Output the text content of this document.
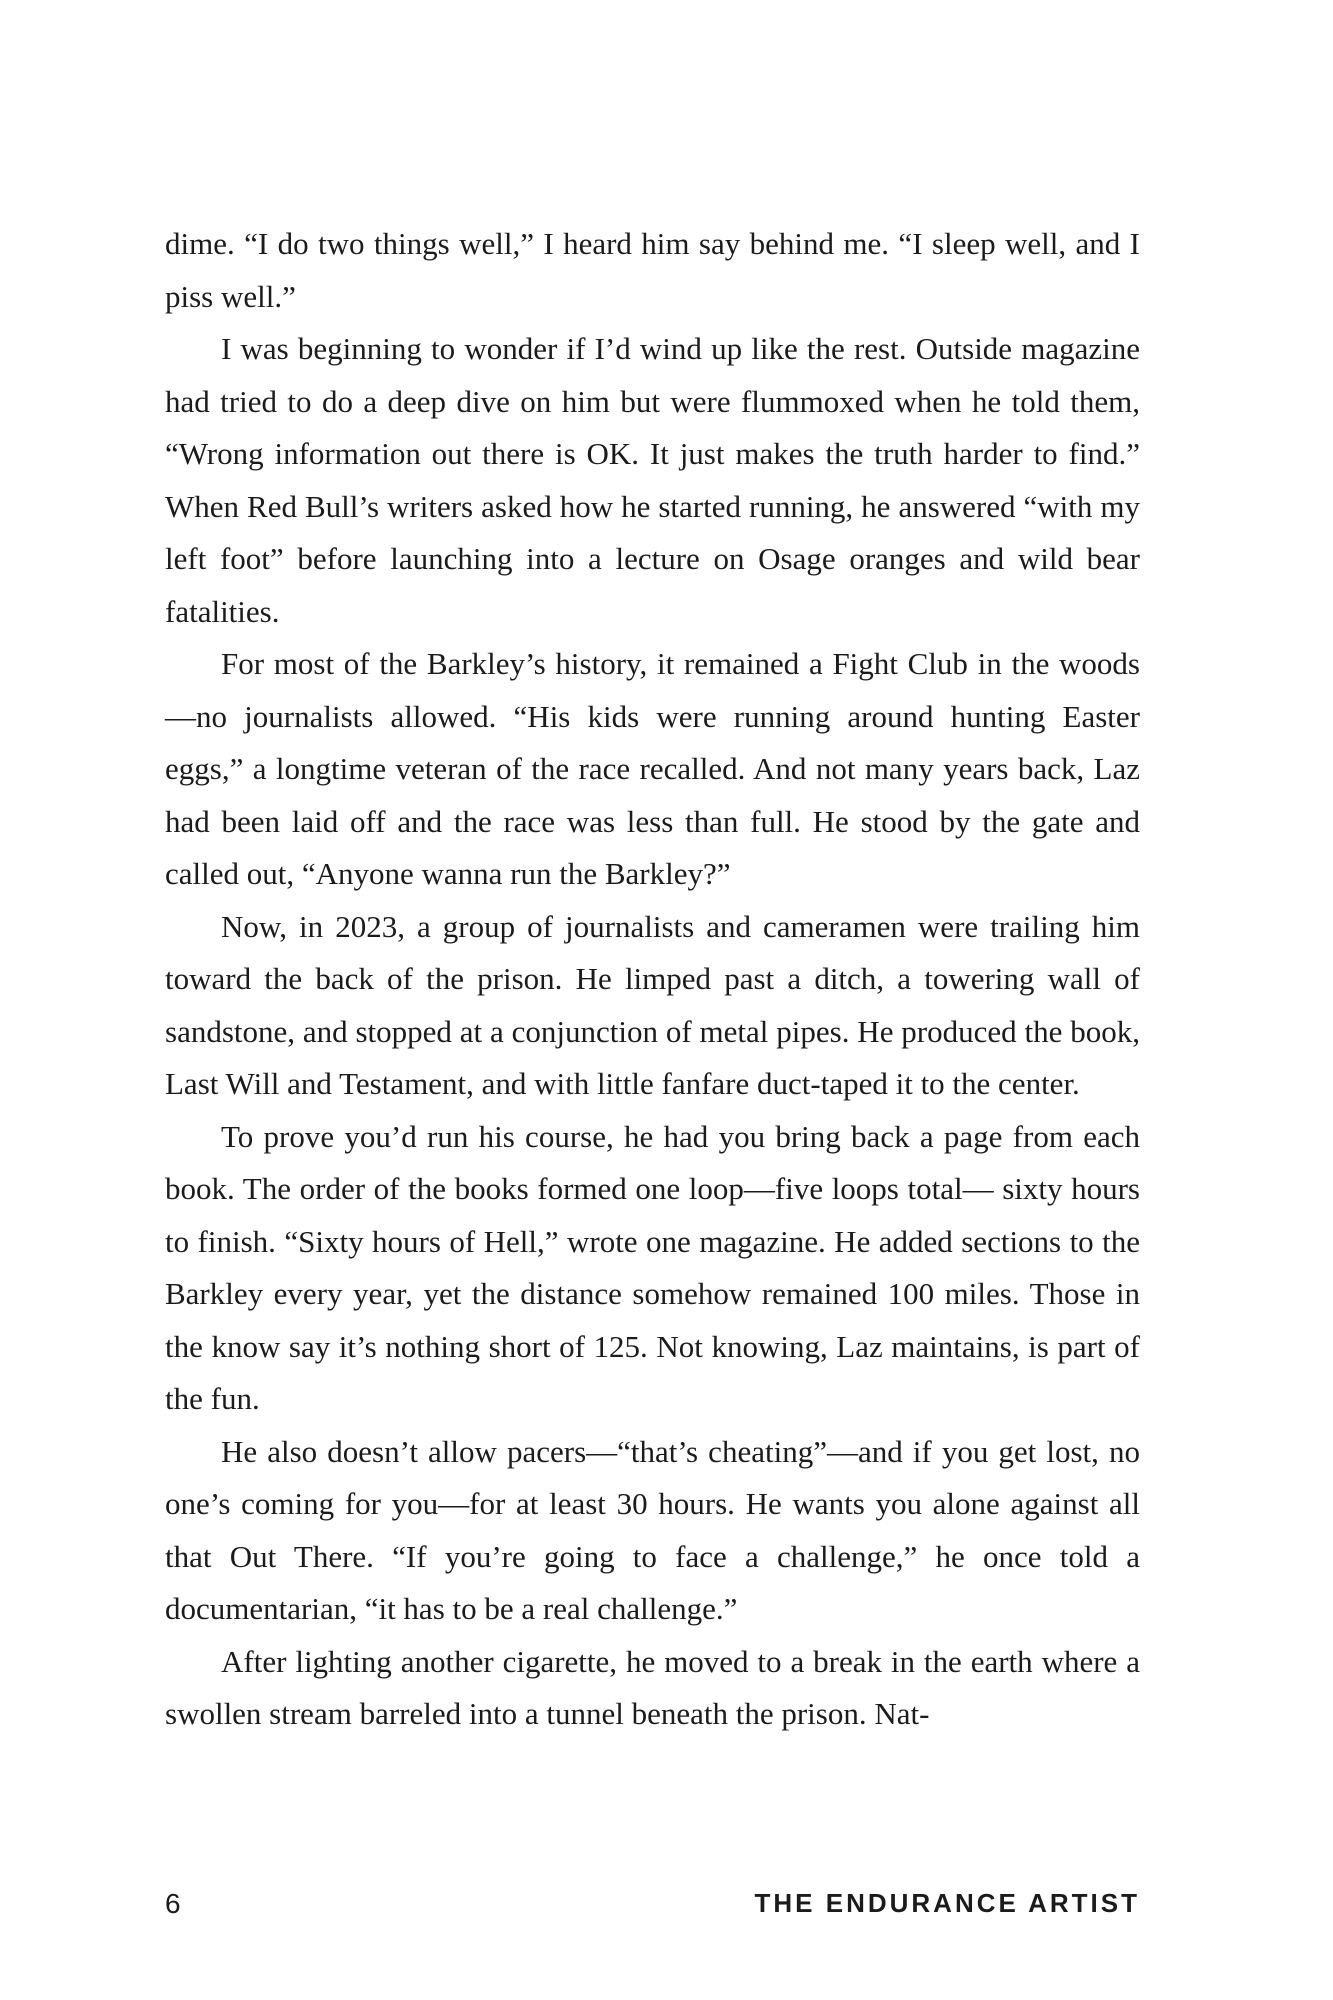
dime. “I do two things well,” I heard him say behind me. “I sleep well, and I piss well.”

I was beginning to wonder if I’d wind up like the rest. Outside magazine had tried to do a deep dive on him but were flummoxed when he told them, “Wrong information out there is OK. It just makes the truth harder to find.” When Red Bull’s writers asked how he started running, he answered “with my left foot” before launching into a lecture on Osage oranges and wild bear fatalities.

For most of the Barkley’s history, it remained a Fight Club in the woods—no journalists allowed. “His kids were running around hunting Easter eggs,” a longtime veteran of the race recalled. And not many years back, Laz had been laid off and the race was less than full. He stood by the gate and called out, “Anyone wanna run the Barkley?”

Now, in 2023, a group of journalists and cameramen were trailing him toward the back of the prison. He limped past a ditch, a towering wall of sandstone, and stopped at a conjunction of metal pipes. He produced the book, Last Will and Testament, and with little fanfare duct-taped it to the center.

To prove you’d run his course, he had you bring back a page from each book. The order of the books formed one loop—five loops total— sixty hours to finish. “Sixty hours of Hell,” wrote one magazine. He added sections to the Barkley every year, yet the distance somehow remained 100 miles. Those in the know say it’s nothing short of 125. Not knowing, Laz maintains, is part of the fun.

He also doesn’t allow pacers—“that’s cheating”—and if you get lost, no one’s coming for you—for at least 30 hours. He wants you alone against all that Out There. “If you’re going to face a challenge,” he once told a documentarian, “it has to be a real challenge.”

After lighting another cigarette, he moved to a break in the earth where a swollen stream barreled into a tunnel beneath the prison. Nat-

6	THE ENDURANCE ARTIST
